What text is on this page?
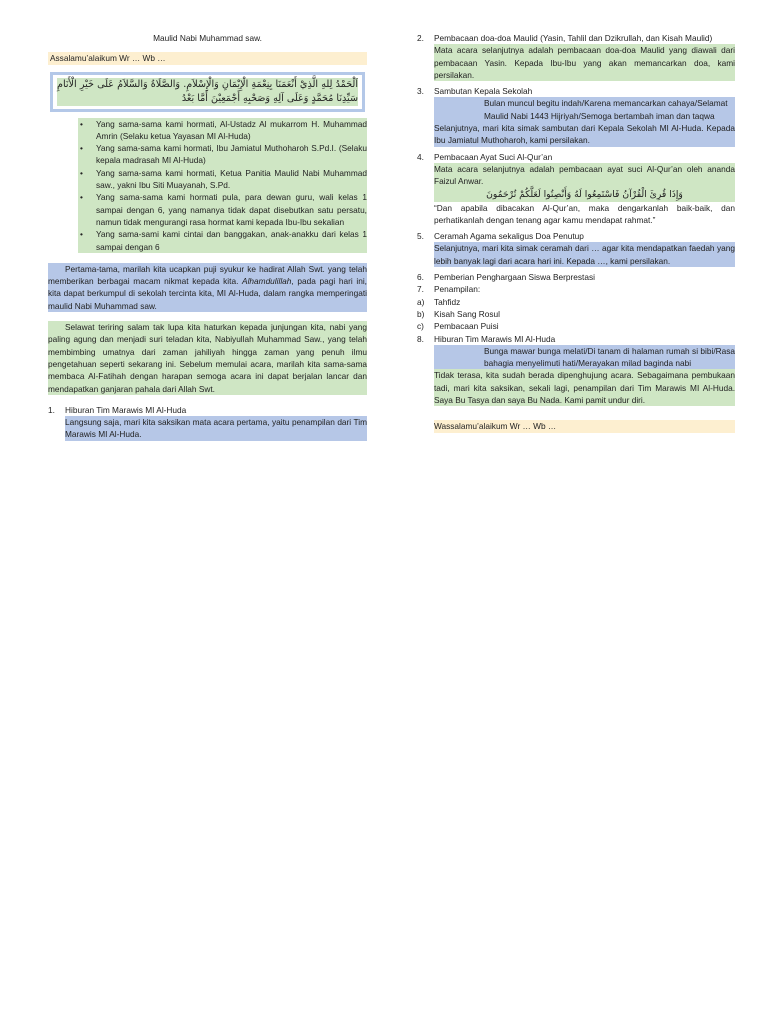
Maulid Nabi Muhammad saw.
Assalamu’alaikum Wr … Wb …
اَلْحَمْدُ لِلهِ الَّذِيْ أَنْعَمَنَا بِنِعْمَةِ الْإِيْمَانِ وَالْإِسْلاَمِ. وَالصَّلَاةُ وَالسَّلاَمُ عَلَى خَيْرِ الْأَنَامِ سَيِّدِنَا مُحَمَّدٍ وَعَلَى آلِهِ وَصَحْبِهِ أَجْمَعِيْنَ أَمَّا بَعْدُ
• Yang sama-sama kami hormati, Al-Ustadz Al mukarrom H. Muhammad Amrin (Selaku ketua Yayasan MI Al-Huda)
• Yang sama-sama kami hormati, Ibu Jamiatul Muthoharoh S.Pd.I. (Selaku kepala madrasah MI Al-Huda)
• Yang sama-sama kami hormati, Ketua Panitia Maulid Nabi Muhammad saw., yakni Ibu Siti Muayanah, S.Pd.
• Yang sama-sama kami hormati pula, para dewan guru, wali kelas 1 sampai dengan 6, yang namanya tidak dapat disebutkan satu persatu, namun tidak mengurangi rasa hormat kami kepada Ibu-Ibu sekalian
• Yang sama-sami kami cintai dan banggakan, anak-anakku dari kelas 1 sampai dengan 6

Pertama-tama, marilah kita ucapkan puji syukur ke hadirat Allah Swt. yang telah memberikan berbagai macam nikmat kepada kita. Alhamdulillah, pada pagi hari ini, kita dapat berkumpul di sekolah tercinta kita, MI Al-Huda, dalam rangka memperingati maulid Nabi Muhammad saw.

Selawat teriring salam tak lupa kita haturkan kepada junjungan kita, nabi yang paling agung dan menjadi suri teladan kita, Nabiyullah Muhammad Saw., yang telah membimbing umatnya dari zaman jahiliyah hingga zaman yang penuh ilmu pengetahuan seperti sekarang ini. Sebelum memulai acara, marilah kita sama-sama membaca Al-Fatihah dengan harapan semoga acara ini dapat berjalan lancar dan mendapatkan ganjaran pahala dari Allah Swt.

1. Hiburan Tim Marawis MI Al-Huda
Langsung saja, mari kita saksikan mata acara pertama, yaitu penampilan dari Tim Marawis MI Al-Huda.
2. Pembacaan doa-doa Maulid (Yasin, Tahlil dan Dzikrullah, dan Kisah Maulid)
Mata acara selanjutnya adalah pembacaan doa-doa Maulid yang diawali dari pembacaan Yasin. Kepada Ibu-Ibu yang akan memancarkan doa, kami persilakan.
3. Sambutan Kepala Sekolah
Bulan muncul begitu indah/Karena memancarkan cahaya/Selamat
Maulid Nabi 1443 Hijriyah/Semoga bertambah iman dan taqwa
Selanjutnya, mari kita simak sambutan dari Kepala Sekolah MI Al-Huda. Kepada Ibu Jamiatul Muthoharoh, kami persilakan.
4. Pembacaan Ayat Suci Al-Qur’an
Mata acara selanjutnya adalah pembacaan ayat suci Al-Qur’an oleh ananda Faizul Anwar.
وَإِذَا قُرِئَ الْقُرْآنُ فَاسْتَمِعُوا لَهُ وَأَنْصِتُوا لَعَلَّكُمْ تُرْحَمُونَ
“Dan apabila dibacakan Al-Qur’an, maka dengarkanlah baik-baik, dan perhatikanlah dengan tenang agar kamu mendapat rahmat.”
5. Ceramah Agama sekaligus Doa Penutup
Selanjutnya, mari kita simak ceramah dari … agar kita mendapatkan faedah yang lebih banyak lagi dari acara hari ini. Kepada …, kami persilakan.
6. Pemberian Penghargaan Siswa Berprestasi
7. Penampilan:
a) Tahfidz
b) Kisah Sang Rosul
c) Pembacaan Puisi
8. Hiburan Tim Marawis MI Al-Huda
Bunga mawar bunga melati/Di tanam di halaman rumah si bibi/Rasa bahagia menyelimuti hati/Merayakan milad baginda nabi
Tidak terasa, kita sudah berada dipenghujung acara. Sebagaimana pembukaan tadi, mari kita saksikan, sekali lagi, penampilan dari Tim Marawis MI Al-Huda. Saya Bu Tasya dan saya Bu Nada. Kami pamit undur diri.
Wassalamu’alaikum Wr … Wb …
